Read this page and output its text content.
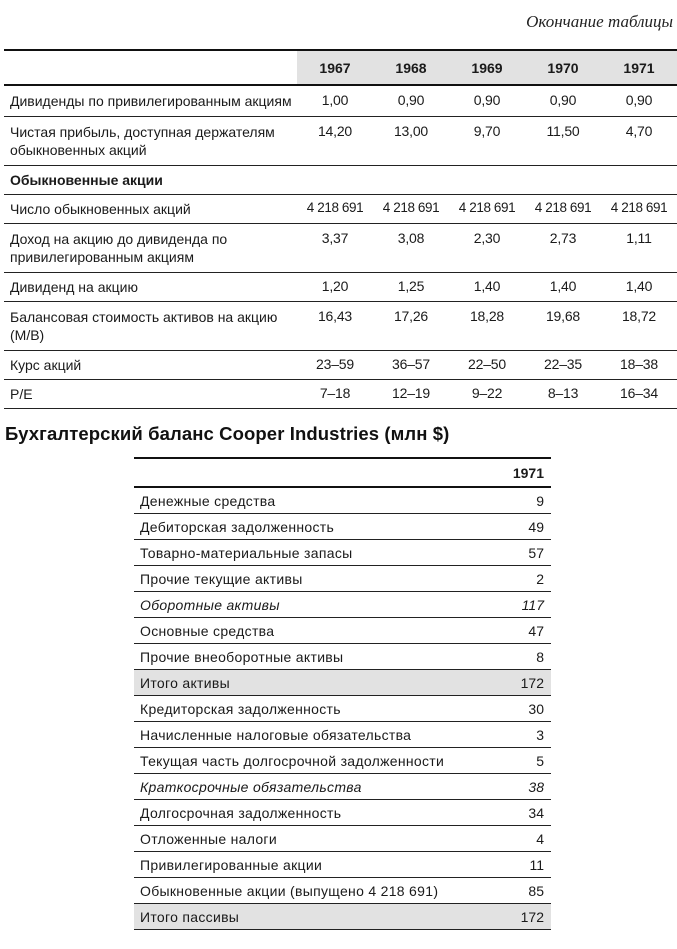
Окончание таблицы
	1967	1968	1969	1970	1971
Дивиденды по привилегированным акциям	1,00	0,90	0,90	0,90	0,90
Чистая прибыль, доступная держателям обыкновенных акций	14,20	13,00	9,70	11,50	4,70
Обыкновенные акции					
Число обыкновенных акций	4 218 691	4 218 691	4 218 691	4 218 691	4 218 691
Доход на акцию до дивиденда по привилегированным акциям	3,37	3,08	2,30	2,73	1,11
Дивиденд на акцию	1,20	1,25	1,40	1,40	1,40
Балансовая стоимость активов на акцию (M/B)	16,43	17,26	18,28	19,68	18,72
Курс акций	23–59	36–57	22–50	22–35	18–38
P/E	7–18	12–19	9–22	8–13	16–34
Бухгалтерский баланс Cooper Industries (млн $)
	1971
Денежные средства	9
Дебиторская задолженность	49
Товарно-материальные запасы	57
Прочие текущие активы	2
Оборотные активы	117
Основные средства	47
Прочие внеоборотные активы	8
Итого активы	172
Кредиторская задолженность	30
Начисленные налоговые обязательства	3
Текущая часть долгосрочной задолженности	5
Краткосрочные обязательства	38
Долгосрочная задолженность	34
Отложенные налоги	4
Привилегированные акции	11
Обыкновенные акции (выпущено 4 218 691)	85
Итого пассивы	172
